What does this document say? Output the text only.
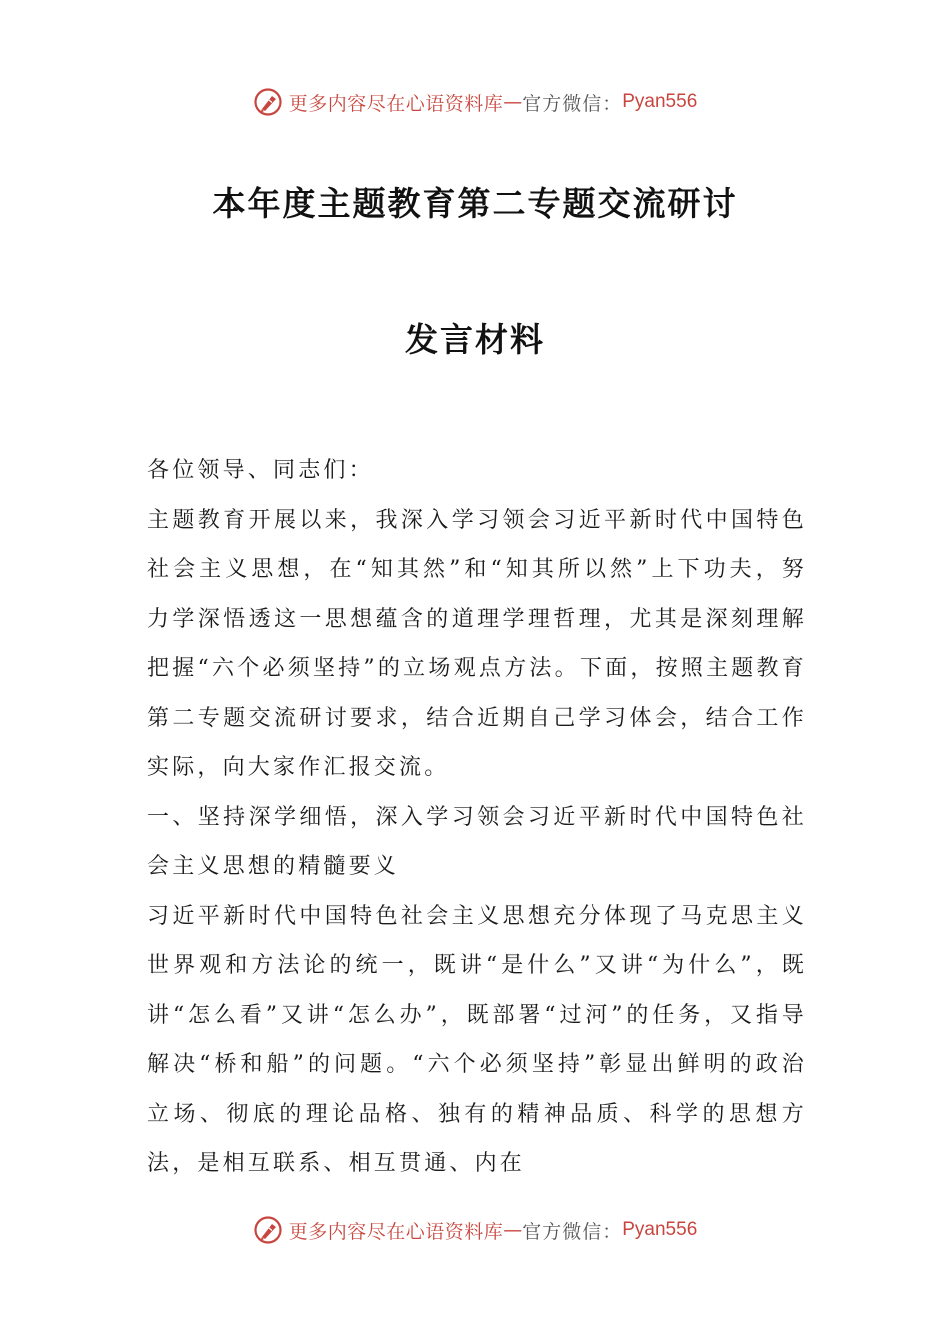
更多内容尽在心语资料库 — 官方微信： Pyan556
本年度主题教育第二专题交流研讨
发言材料

各位领导、同志们：

主题教育开展以来，我深入学习领会习近平新时代中国特色社会主义思想，在“知其然”和“知其所以然”上下功夫，努力学深悟透这一思想蕴含的道理学理哲理，尤其是深刻理解把握“六个必须坚持”的立场观点方法。下面，按照主题教育第二专题交流研讨要求，结合近期自己学习体会，结合工作实际，向大家作汇报交流。

一、坚持深学细悟，深入学习领会习近平新时代中国特色社会主义思想的精髓要义

习近平新时代中国特色社会主义思想充分体现了马克思主义世界观和方法论的统一，既讲“是什么”又讲“为什么”，既讲“怎么看”又讲“怎么办”，既部署“过河”的任务，又指导解决“桥和船”的问题。“六个必须坚持”彰显出鲜明的政治立场、彻底的理论品格、独有的精神品质、科学的思想方法，是相互联系、相互贯通、内在

更多内容尽在心语资料库 — 官方微信： Pyan556
